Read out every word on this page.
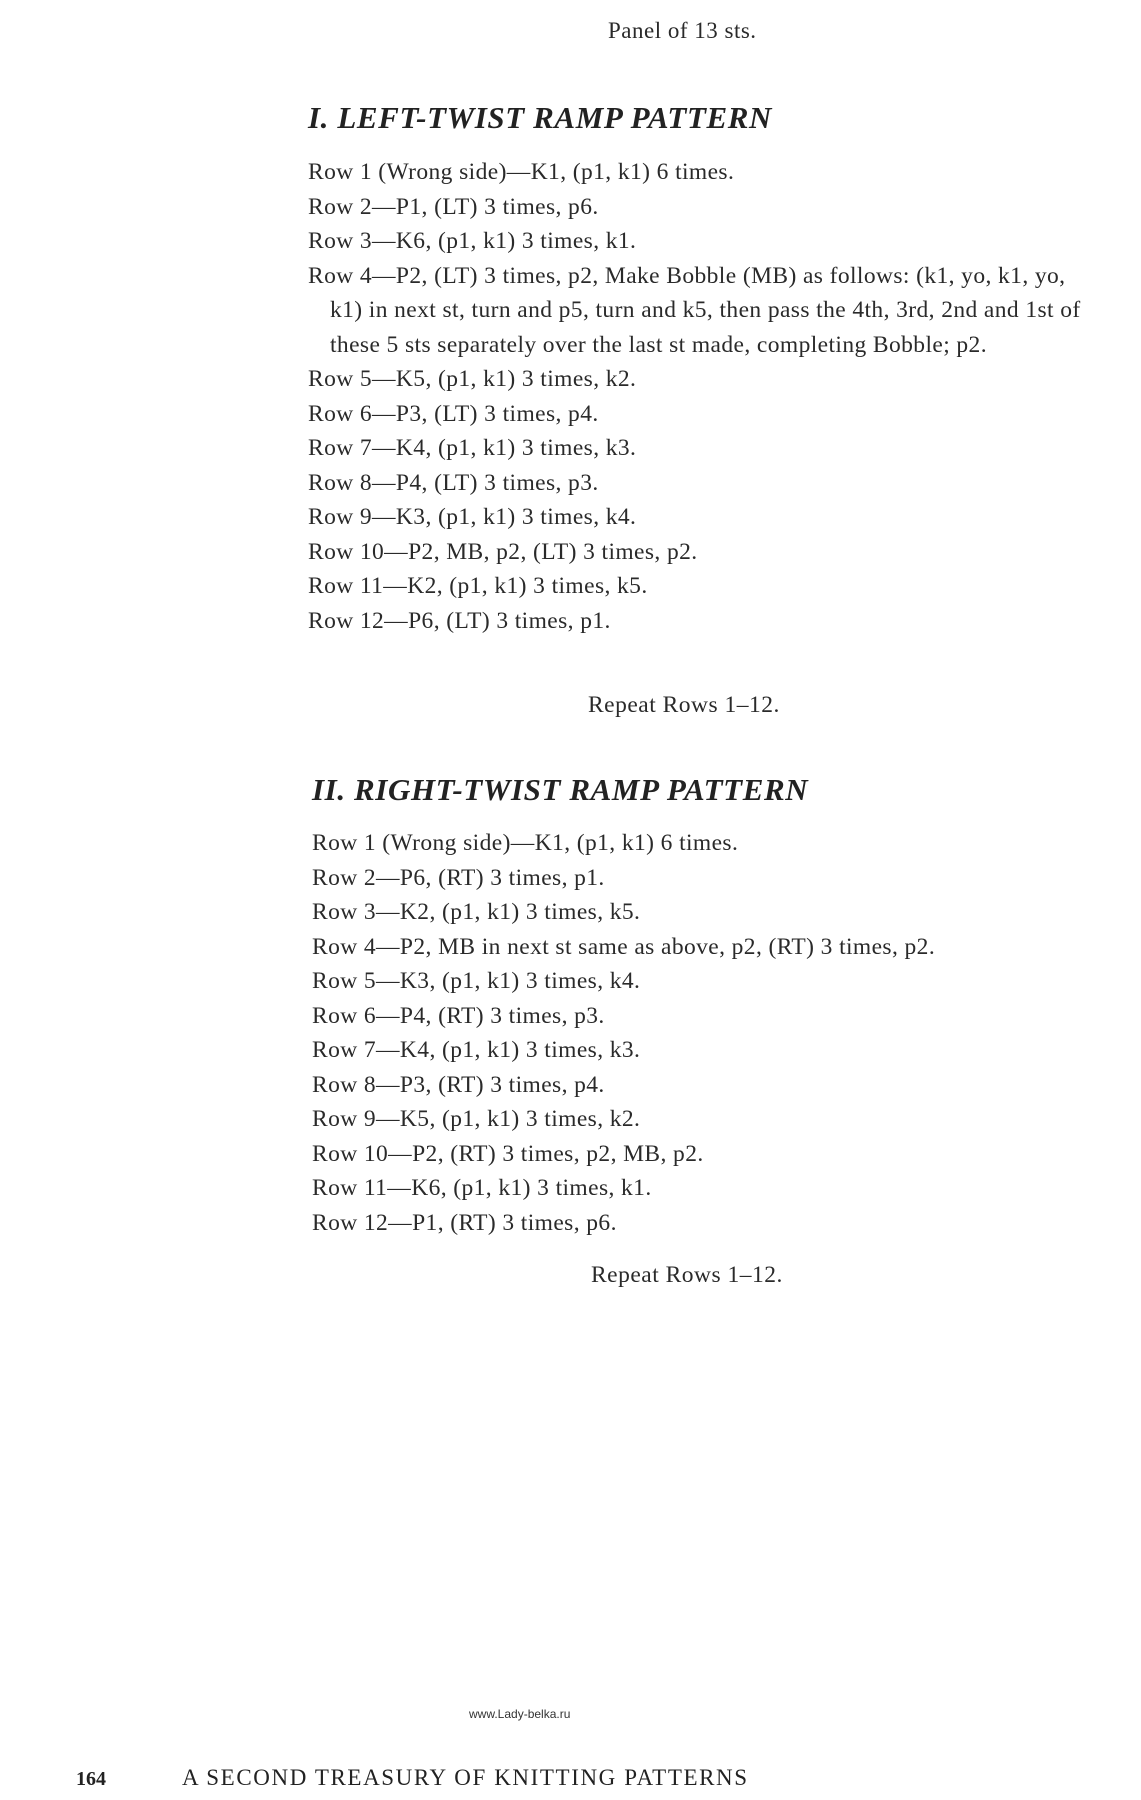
Panel of 13 sts.
I. LEFT-TWIST RAMP PATTERN
Row 1 (Wrong side)—K1, (p1, k1) 6 times.
Row 2—P1, (LT) 3 times, p6.
Row 3—K6, (p1, k1) 3 times, k1.
Row 4—P2, (LT) 3 times, p2, Make Bobble (MB) as follows: (k1, yo, k1, yo, k1) in next st, turn and p5, turn and k5, then pass the 4th, 3rd, 2nd and 1st of these 5 sts separately over the last st made, completing Bobble; p2.
Row 5—K5, (p1, k1) 3 times, k2.
Row 6—P3, (LT) 3 times, p4.
Row 7—K4, (p1, k1) 3 times, k3.
Row 8—P4, (LT) 3 times, p3.
Row 9—K3, (p1, k1) 3 times, k4.
Row 10—P2, MB, p2, (LT) 3 times, p2.
Row 11—K2, (p1, k1) 3 times, k5.
Row 12—P6, (LT) 3 times, p1.
Repeat Rows 1–12.
II. RIGHT-TWIST RAMP PATTERN
Row 1 (Wrong side)—K1, (p1, k1) 6 times.
Row 2—P6, (RT) 3 times, p1.
Row 3—K2, (p1, k1) 3 times, k5.
Row 4—P2, MB in next st same as above, p2, (RT) 3 times, p2.
Row 5—K3, (p1, k1) 3 times, k4.
Row 6—P4, (RT) 3 times, p3.
Row 7—K4, (p1, k1) 3 times, k3.
Row 8—P3, (RT) 3 times, p4.
Row 9—K5, (p1, k1) 3 times, k2.
Row 10—P2, (RT) 3 times, p2, MB, p2.
Row 11—K6, (p1, k1) 3 times, k1.
Row 12—P1, (RT) 3 times, p6.
Repeat Rows 1–12.
www.Lady-belka.ru
164	A SECOND TREASURY OF KNITTING PATTERNS
